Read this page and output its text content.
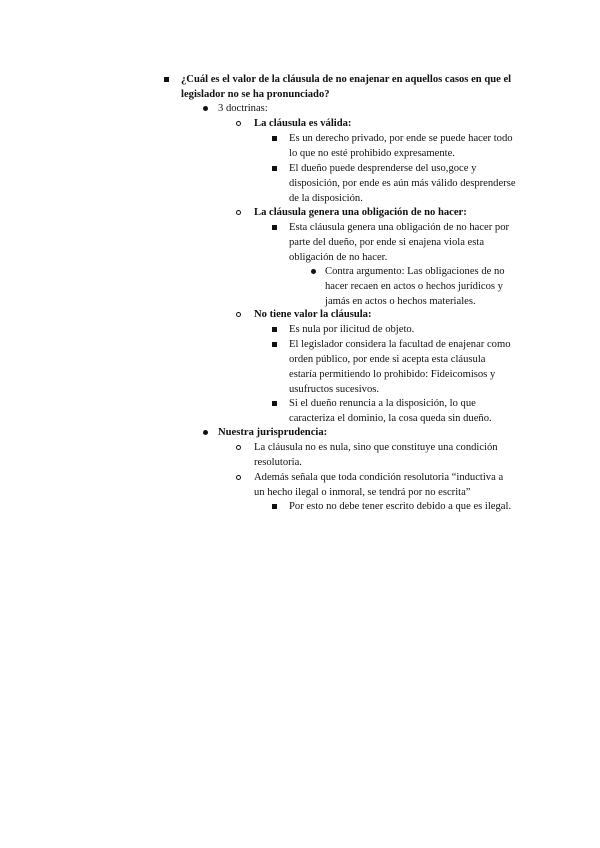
¿Cuál es el valor de la cláusula de no enajenar en aquellos casos en que el
legislador no se ha pronunciado?
3 doctrinas:
La cláusula es válida:
Es un derecho privado, por ende se puede hacer todo
lo que no esté prohibido expresamente.
El dueño puede desprenderse del uso,goce y
disposición, por ende es aún más válido desprenderse
de la disposición.
La cláusula genera una obligación de no hacer:
Esta cláusula genera una obligación de no hacer por
parte del dueño, por ende si enajena viola esta
obligación de no hacer.
Contra argumento: Las obligaciones de no
hacer recaen en actos o hechos jurídicos y
jamás en actos o hechos materiales.
No tiene valor la cláusula:
Es nula por ilicitud de objeto.
El legislador considera la facultad de enajenar como
orden público, por ende si acepta esta cláusula
estaría permitiendo lo prohibido: Fideicomisos y
usufructos sucesivos.
Si el dueño renuncia a la disposición, lo que
caracteriza el dominio, la cosa queda sin dueño.
Nuestra jurisprudencia:
La cláusula no es nula, sino que constituye una condición
resolutoria.
Además señala que toda condición resolutoria “inductiva a
un hecho ilegal o inmoral, se tendrá por no escrita”
Por esto no debe tener escrito debido a que es ilegal.
